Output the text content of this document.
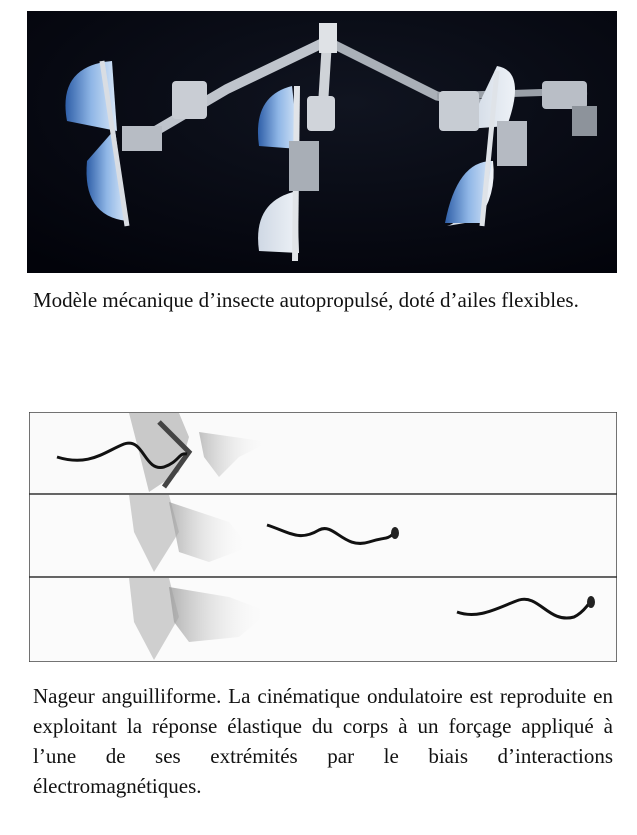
Modèle mécanique d’insecte autopropulsé, doté d’ailes flexibles.
Nageur anguilliforme. La cinématique ondulatoire est reproduite en exploitant la réponse élastique du corps à un forçage appliqué à l’une de ses extrémités par le biais d’interactions électromagnétiques.
